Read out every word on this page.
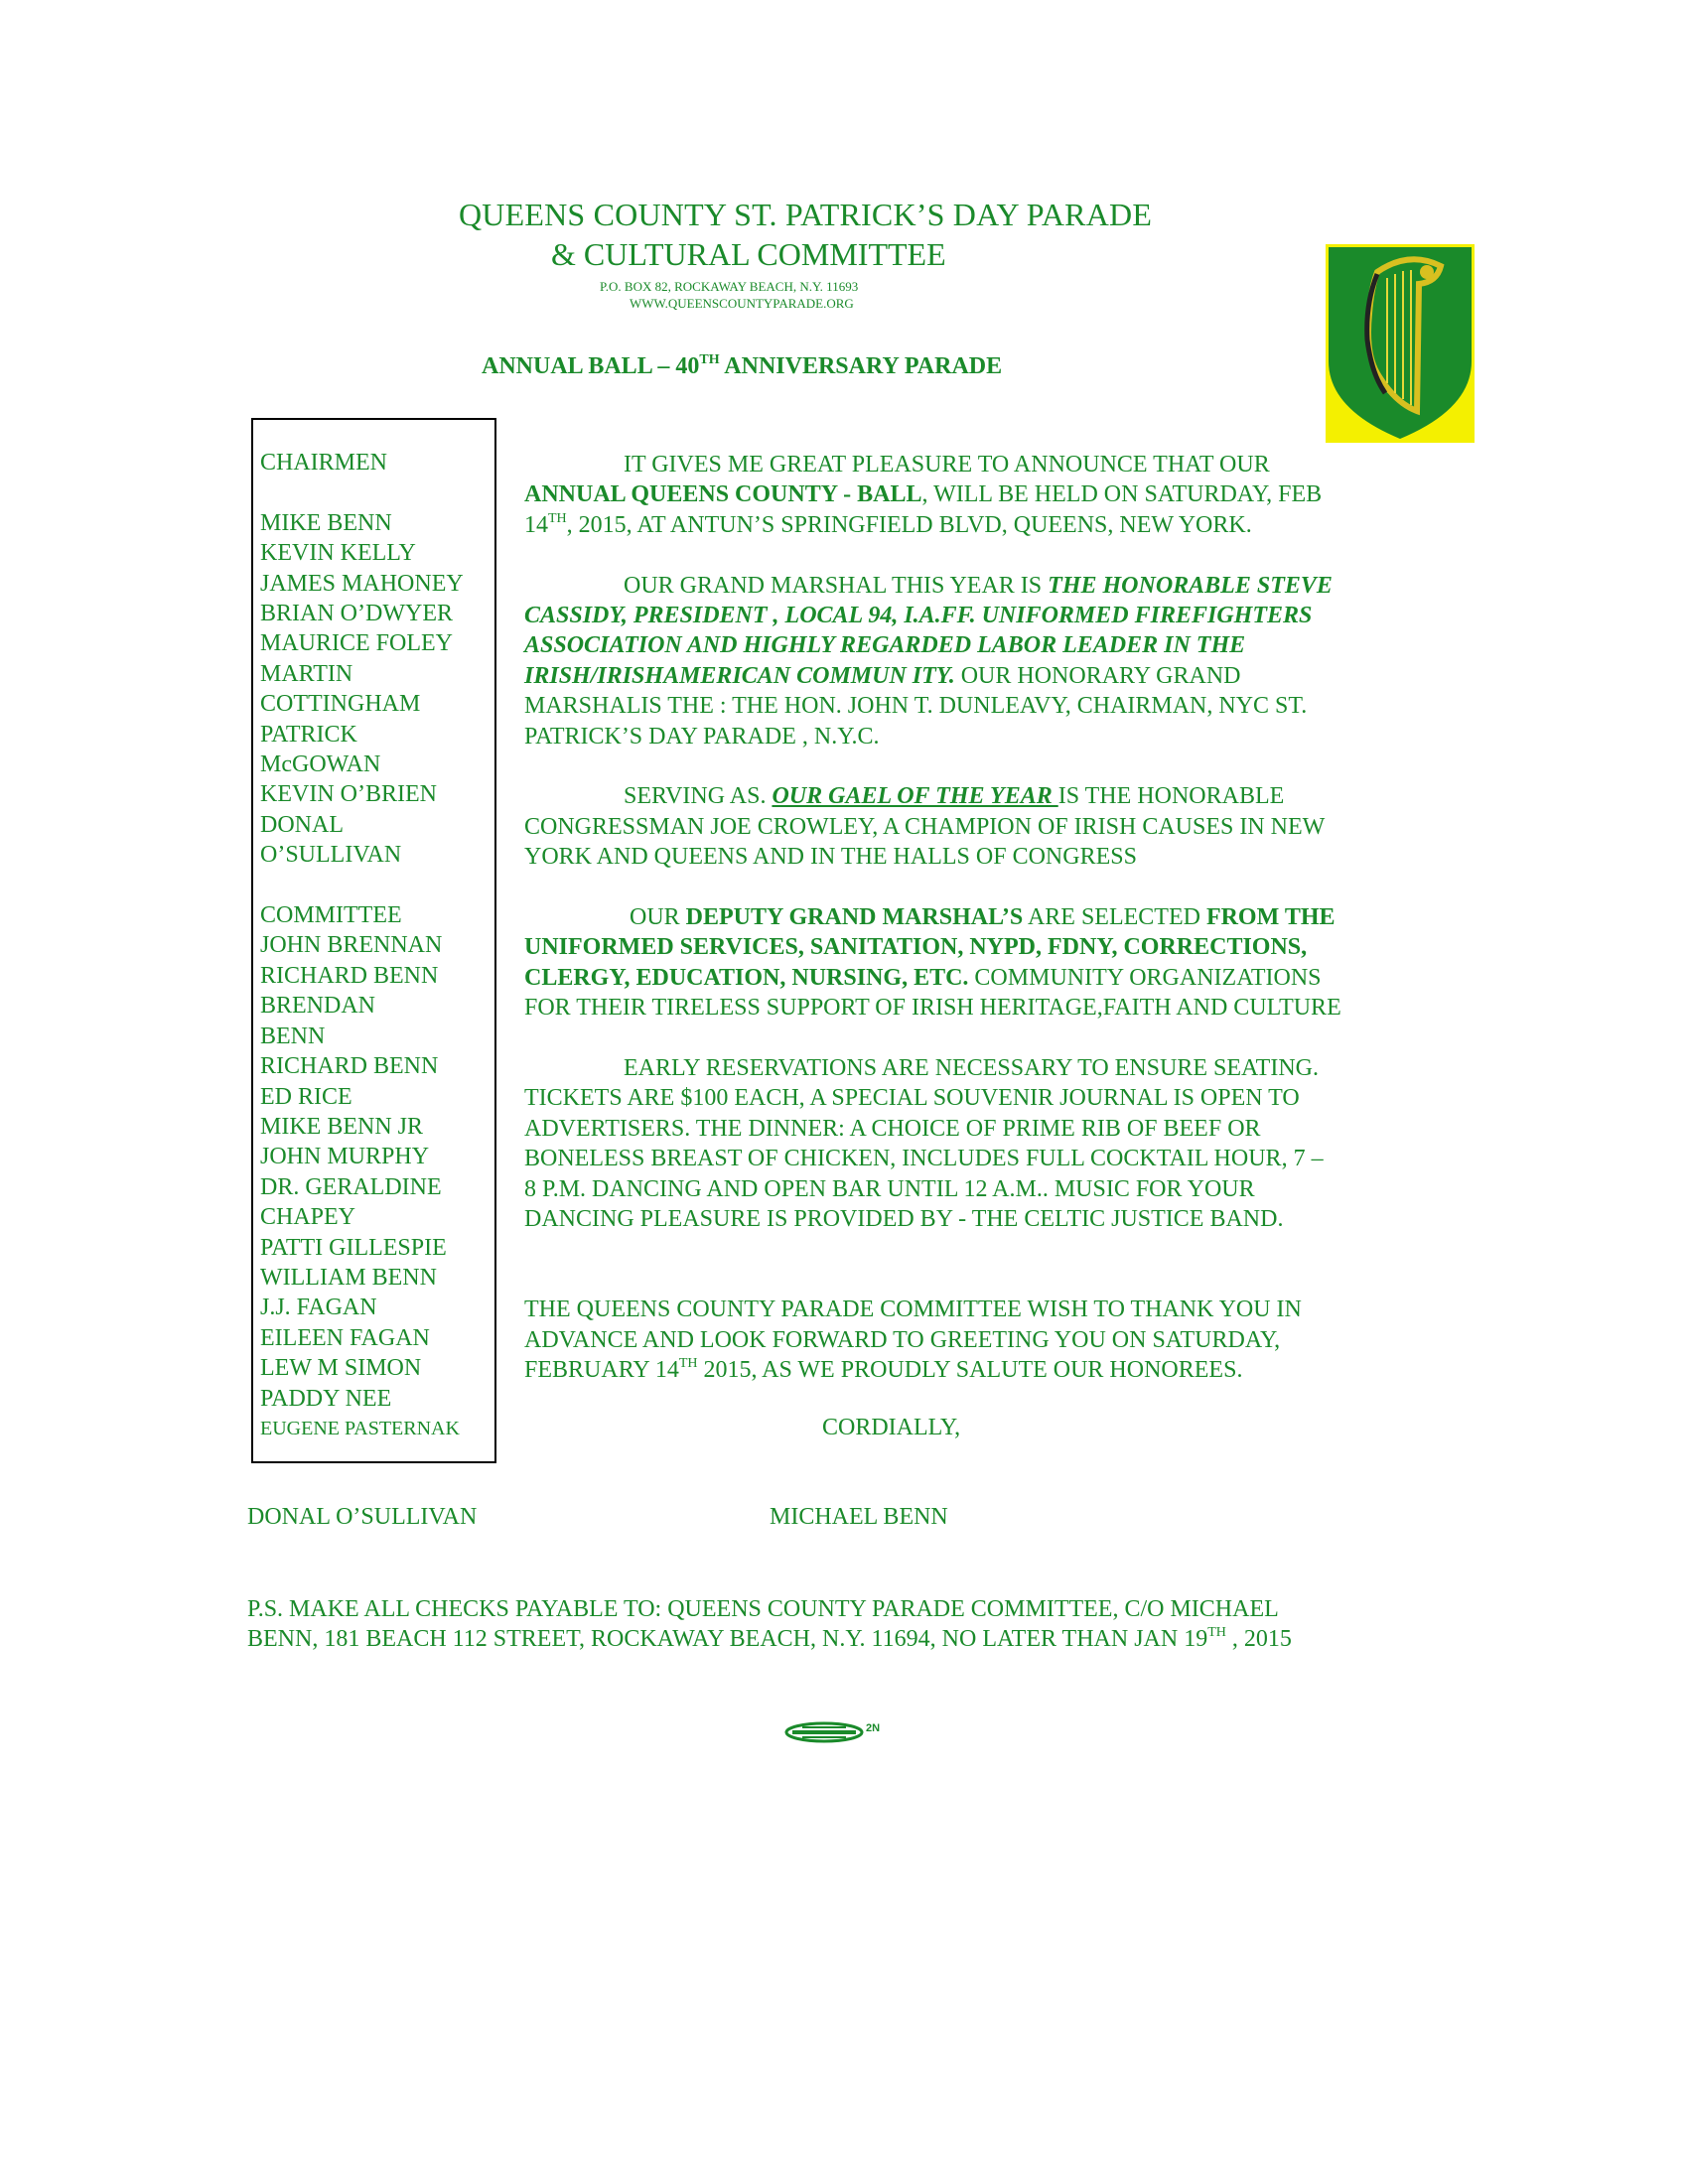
QUEENS COUNTY ST. PATRICK’S DAY PARADE
& CULTURAL COMMITTEE
P.O. BOX 82, ROCKAWAY BEACH, N.Y. 11693
WWW.QUEENSCOUNTYPARADE.ORG
ANNUAL BALL – 40TH ANNIVERSARY PARADE
CHAIRMEN
MIKE BENN
KEVIN KELLY
JAMES MAHONEY
BRIAN O’DWYER
MAURICE FOLEY
MARTIN
COTTINGHAM
PATRICK
McGOWAN
KEVIN O’BRIEN
DONAL
O’SULLIVAN
COMMITTEE
JOHN BRENNAN
RICHARD BENN
BRENDAN
BENN
RICHARD BENN
ED RICE
MIKE BENN JR
JOHN MURPHY
DR. GERALDINE
CHAPEY
PATTI GILLESPIE
WILLIAM BENN
J.J. FAGAN
EILEEN FAGAN
LEW M SIMON
PADDY NEE
EUGENE PASTERNAK

IT GIVES ME GREAT PLEASURE TO ANNOUNCE THAT OUR
ANNUAL QUEENS COUNTY - BALL, WILL BE HELD ON SATURDAY, FEB
14TH, 2015, AT ANTUN’S SPRINGFIELD BLVD, QUEENS, NEW YORK.

OUR GRAND MARSHAL THIS YEAR IS THE HONORABLE STEVE
CASSIDY, PRESIDENT , LOCAL 94, I.A.FF. UNIFORMED FIREFIGHTERS
ASSOCIATION AND HIGHLY REGARDED LABOR LEADER IN THE
IRISH/IRISHAMERICAN COMMUN ITY. OUR HONORARY GRAND
MARSHALIS THE : THE HON. JOHN T. DUNLEAVY, CHAIRMAN, NYC ST.
PATRICK’S DAY PARADE , N.Y.C.

SERVING AS. OUR GAEL OF THE YEAR IS THE HONORABLE
CONGRESSMAN JOE CROWLEY, A CHAMPION OF IRISH CAUSES IN NEW
YORK AND QUEENS AND IN THE HALLS OF CONGRESS

OUR DEPUTY GRAND MARSHAL’S ARE SELECTED FROM THE
UNIFORMED SERVICES, SANITATION, NYPD, FDNY, CORRECTIONS,
CLERGY, EDUCATION, NURSING, ETC. COMMUNITY ORGANIZATIONS
FOR THEIR TIRELESS SUPPORT OF IRISH HERITAGE,FAITH AND CULTURE

EARLY RESERVATIONS ARE NECESSARY TO ENSURE SEATING.
TICKETS ARE $100 EACH, A SPECIAL SOUVENIR JOURNAL IS OPEN TO
ADVERTISERS. THE DINNER: A CHOICE OF PRIME RIB OF BEEF OR
BONELESS BREAST OF CHICKEN, INCLUDES FULL COCKTAIL HOUR, 7 –
8 P.M. DANCING AND OPEN BAR UNTIL 12 A.M.. MUSIC FOR YOUR
DANCING PLEASURE IS PROVIDED BY - THE CELTIC JUSTICE BAND.

THE QUEENS COUNTY PARADE COMMITTEE WISH TO THANK YOU IN
ADVANCE AND LOOK FORWARD TO GREETING YOU ON SATURDAY,
FEBRUARY 14TH 2015, AS WE PROUDLY SALUTE OUR HONOREES.

CORDIALLY,
DONAL O’SULLIVAN	MICHAEL BENN
P.S. MAKE ALL CHECKS PAYABLE TO: QUEENS COUNTY PARADE COMMITTEE, C/O MICHAEL
BENN, 181 BEACH 112 STREET, ROCKAWAY BEACH, N.Y. 11694, NO LATER THAN JAN 19TH , 2015
2N
